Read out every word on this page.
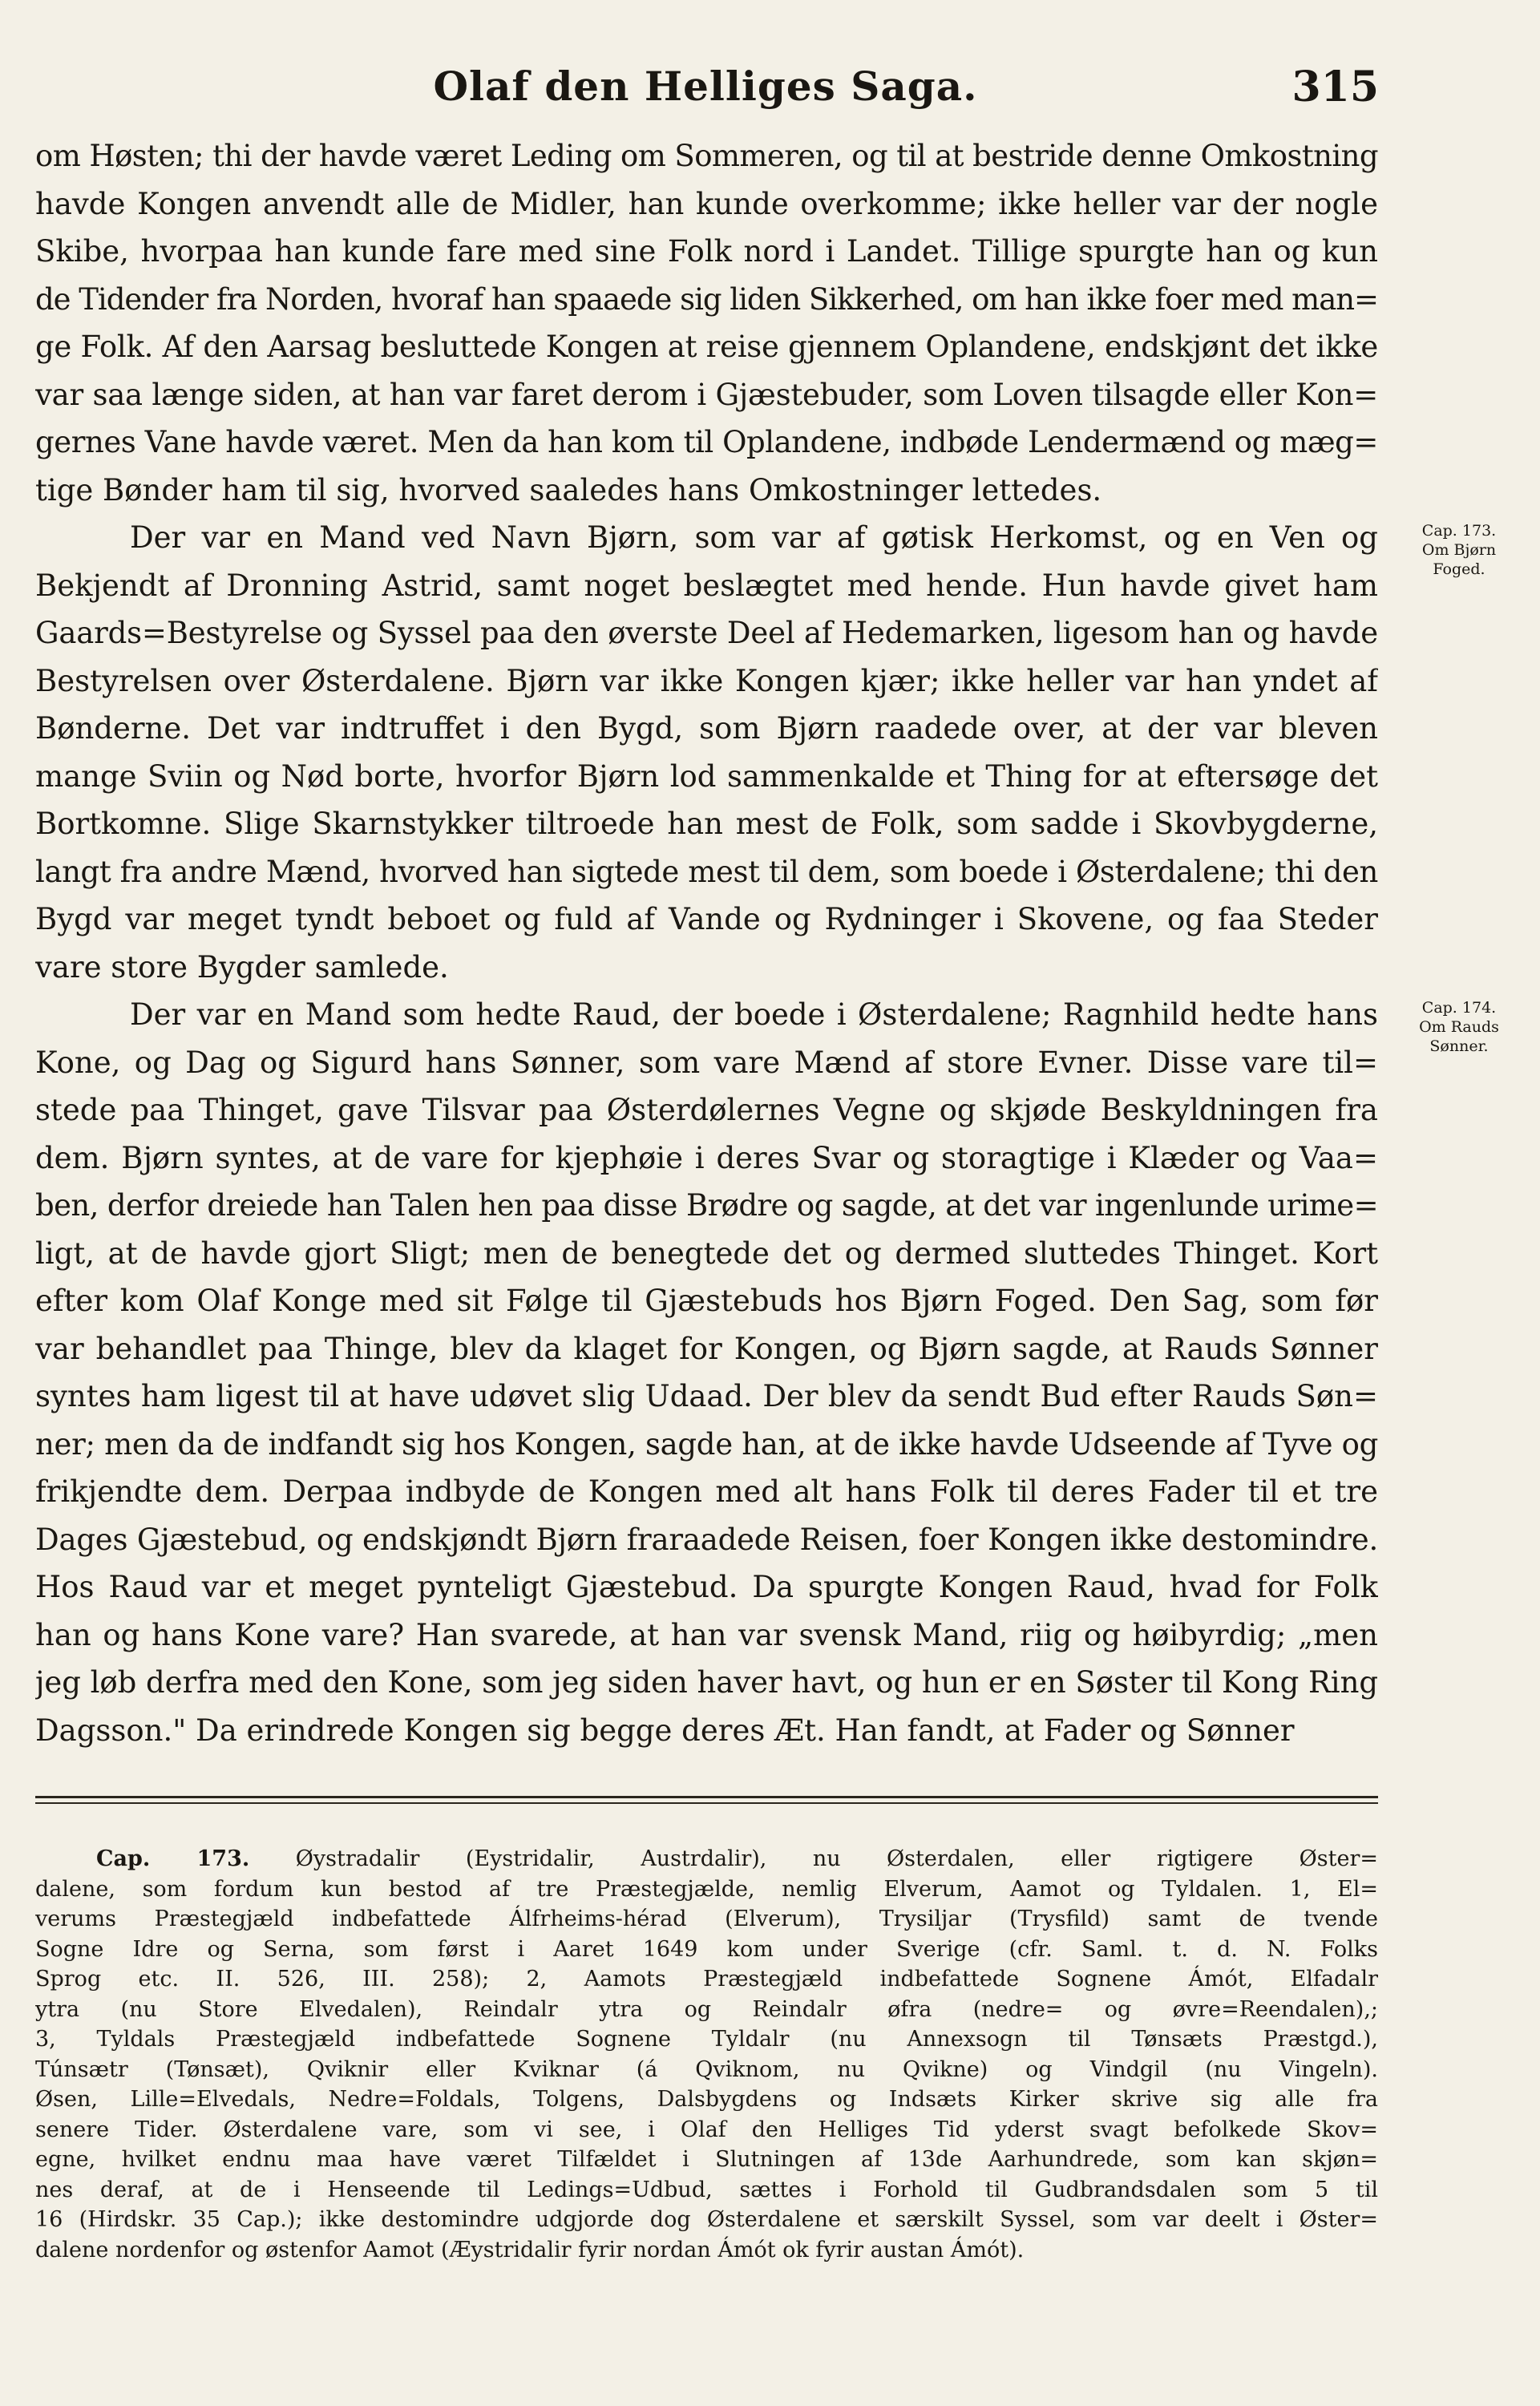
Olaf den Helliges Saga.	315
om Høsten; thi der havde været Leding om Sommeren, og til at bestride denne Omkostning
havde Kongen anvendt alle de Midler, han kunde overkomme; ikke heller var der nogle
Skibe, hvorpaa han kunde fare med sine Folk nord i Landet. Tillige spurgte han og kun
de Tidender fra Norden, hvoraf han spaaede sig liden Sikkerhed, om han ikke foer med man=
ge Folk. Af den Aarsag besluttede Kongen at reise gjennem Oplandene, endskjønt det ikke
var saa længe siden, at han var faret derom i Gjæstebuder, som Loven tilsagde eller Kon=
gernes Vane havde været. Men da han kom til Oplandene, indbøde Lendermænd og mæg=
tige Bønder ham til sig, hvorved saaledes hans Omkostninger lettedes.
Der var en Mand ved Navn Bjørn, som var af gøtisk Herkomst, og en Ven og
Bekjendt af Dronning Astrid, samt noget beslægtet med hende. Hun havde givet ham
Gaards=Bestyrelse og Syssel paa den øverste Deel af Hedemarken, ligesom han og havde
Bestyrelsen over Østerdalene. Bjørn var ikke Kongen kjær; ikke heller var han yndet af
Bønderne. Det var indtruffet i den Bygd, som Bjørn raadede over, at der var bleven
mange Sviin og Nød borte, hvorfor Bjørn lod sammenkalde et Thing for at eftersøge det
Bortkomne. Slige Skarnstykker tiltroede han mest de Folk, som sadde i Skovbygderne,
langt fra andre Mænd, hvorved han sigtede mest til dem, som boede i Østerdalene; thi den
Bygd var meget tyndt beboet og fuld af Vande og Rydninger i Skovene, og faa Steder
vare store Bygder samlede.
Der var en Mand som hedte Raud, der boede i Østerdalene; Ragnhild hedte hans
Kone, og Dag og Sigurd hans Sønner, som vare Mænd af store Evner. Disse vare til=
stede paa Thinget, gave Tilsvar paa Østerdølernes Vegne og skjøde Beskyldningen fra
dem. Bjørn syntes, at de vare for kjephøie i deres Svar og storagtige i Klæder og Vaa=
ben, derfor dreiede han Talen hen paa disse Brødre og sagde, at det var ingenlunde urime=
ligt, at de havde gjort Sligt; men de benegtede det og dermed sluttedes Thinget. Kort
efter kom Olaf Konge med sit Følge til Gjæstebuds hos Bjørn Foged. Den Sag, som før
var behandlet paa Thinge, blev da klaget for Kongen, og Bjørn sagde, at Rauds Sønner
syntes ham ligest til at have udøvet slig Udaad. Der blev da sendt Bud efter Rauds Søn=
ner; men da de indfandt sig hos Kongen, sagde han, at de ikke havde Udseende af Tyve og
frikjendte dem. Derpaa indbyde de Kongen med alt hans Folk til deres Fader til et tre
Dages Gjæstebud, og endskjøndt Bjørn fraraadede Reisen, foer Kongen ikke destomindre.
Hos Raud var et meget pynteligt Gjæstebud. Da spurgte Kongen Raud, hvad for Folk
han og hans Kone vare? Han svarede, at han var svensk Mand, riig og høibyrdig; „men
jeg løb derfra med den Kone, som jeg siden haver havt, og hun er en Søster til Kong Ring
Dagsson." Da erindrede Kongen sig begge deres Æt. Han fandt, at Fader og Sønner
Cap. 173.
Om Bjørn
Foged.
Cap. 174.
Om Rauds
Sønner.
Cap. 173. Øystradalir (Eystridalir, Austrdalir), nu Østerdalen, eller rigtigere Øster=
dalene, som fordum kun bestod af tre Præstegjælde, nemlig Elverum, Aamot og Tyldalen. 1, El=
verums Præstegjæld indbefattede Álfrheims-hérad (Elverum), Trysiljar (Trysfild) samt de tvende
Sogne Idre og Serna, som først i Aaret 1649 kom under Sverige (cfr. Saml. t. d. N. Folks
Sprog etc. II. 526, III. 258); 2, Aamots Præstegjæld indbefattede Sognene Ámót, Elfadalr
ytra (nu Store Elvedalen), Reindalr ytra og Reindalr øfra (nedre= og øvre=Reendalen),;
3, Tyldals Præstegjæld indbefattede Sognene Tyldalr (nu Annexsogn til Tønsæts Præstgd.),
Túnsætr (Tønsæt), Qviknir eller Kviknar (á Qviknom, nu Qvikne) og Vindgil (nu Vingeln).
Øsen, Lille=Elvedals, Nedre=Foldals, Tolgens, Dalsbygdens og Indsæts Kirker skrive sig alle fra
senere Tider. Østerdalene vare, som vi see, i Olaf den Helliges Tid yderst svagt befolkede Skov=
egne, hvilket endnu maa have været Tilfældet i Slutningen af 13de Aarhundrede, som kan skjøn=
nes deraf, at de i Henseende til Ledings=Udbud, sættes i Forhold til Gudbrandsdalen som 5 til
16 (Hirdskr. 35 Cap.); ikke destomindre udgjorde dog Østerdalene et særskilt Syssel, som var deelt i Øster=
dalene nordenfor og østenfor Aamot (Æystridalir fyrir nordan Ámót ok fyrir austan Ámót).
